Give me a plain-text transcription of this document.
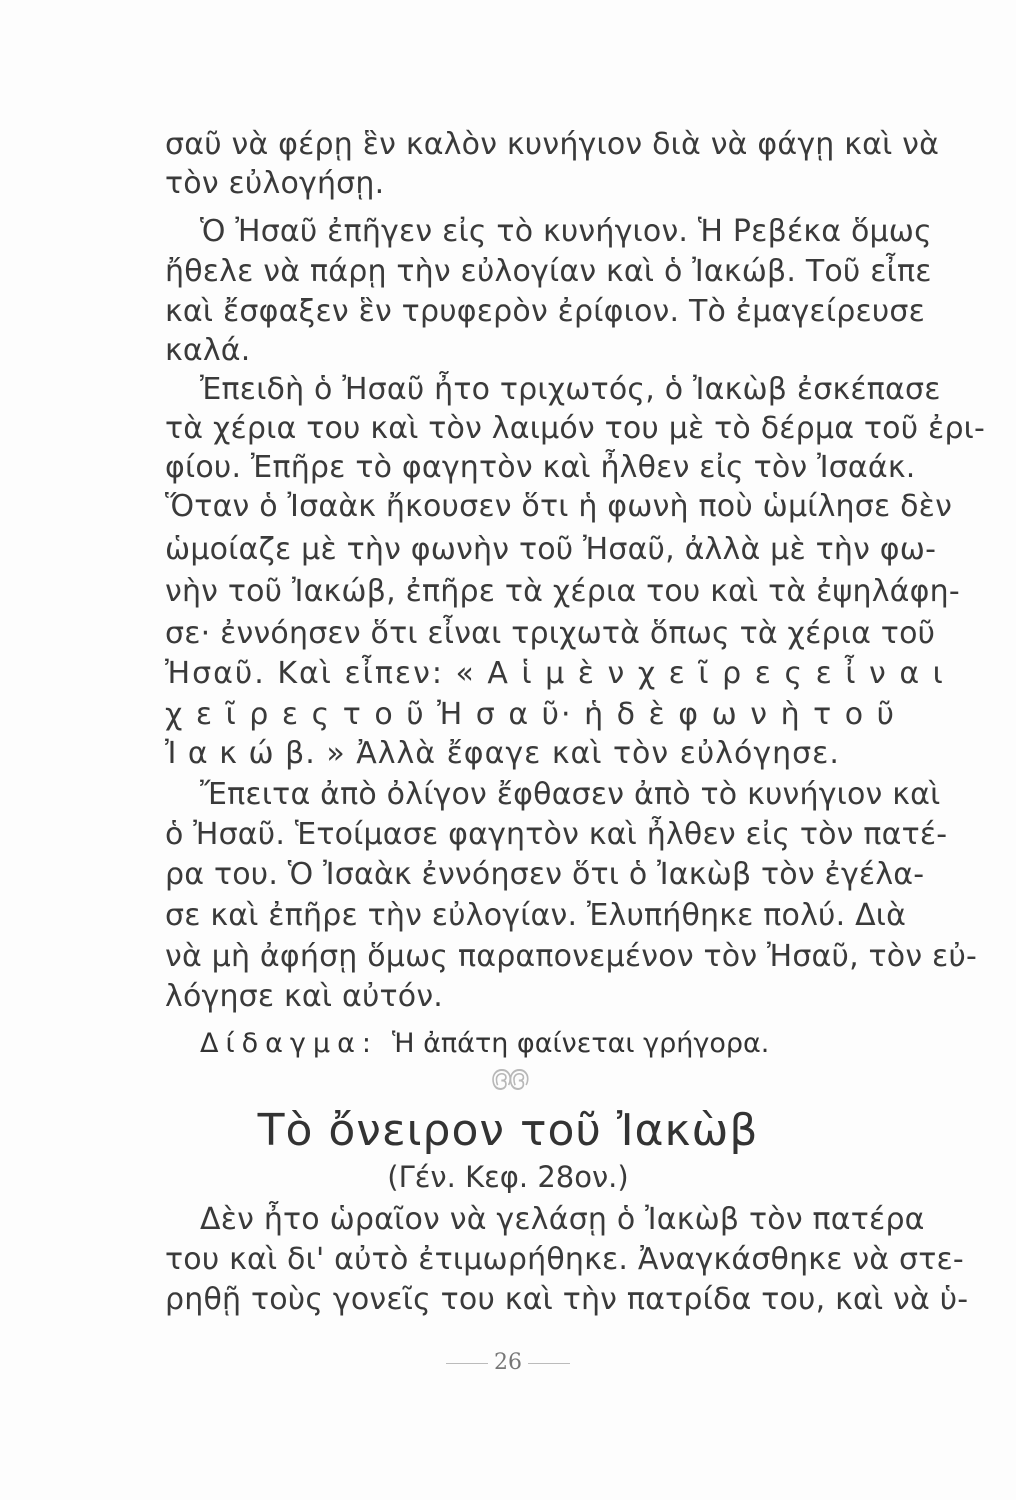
σαῦ νὰ φέρῃ ἓν καλὸν κυνήγιον διὰ νὰ φάγῃ καὶ νὰ
τὸν εὐλογήσῃ.
Ὁ Ἠσαῦ ἐπῆγεν εἰς τὸ κυνήγιον. Ἡ Ρεβέκα ὅμως
ἤθελε νὰ πάρῃ τὴν εὐλογίαν καὶ ὁ Ἰακώβ. Τοῦ εἶπε
καὶ ἔσφαξεν ἓν τρυφερὸν ἐρίφιον. Τὸ ἐμαγείρευσε
καλά.
Ἐπειδὴ ὁ Ἠσαῦ ἦτο τριχωτός, ὁ Ἰακὼβ ἐσκέπασε
τὰ χέρια του καὶ τὸν λαιμόν του μὲ τὸ δέρμα τοῦ ἐρι-
φίου. Ἐπῆρε τὸ φαγητὸν καὶ ἦλθεν εἰς τὸν Ἰσαάκ.
Ὅταν ὁ Ἰσαὰκ ἤκουσεν ὅτι ἡ φωνὴ ποὺ ὡμίλησε δὲν
ὡμοίαζε μὲ τὴν φωνὴν τοῦ Ἠσαῦ, ἀλλὰ μὲ τὴν φω-
νὴν τοῦ Ἰακώβ, ἐπῆρε τὰ χέρια του καὶ τὰ ἐψηλάφη-
σε· ἐννόησεν ὅτι εἶναι τριχωτὰ ὅπως τὰ χέρια τοῦ
Ἠσαῦ. Καὶ εἶπεν: « Α ἱ μ ὲ ν χ ε ῖ ρ ε ς ε ἶ ν α ι
χ ε ῖ ρ ε ς τ ο ῦ Ἠ σ α ῦ· ἡ δ ὲ φ ω ν ὴ τ ο ῦ
Ἰ α κ ώ β. » Ἀλλὰ ἔφαγε καὶ τὸν εὐλόγησε.
Ἔπειτα ἀπὸ ὀλίγον ἔφθασεν ἀπὸ τὸ κυνήγιον καὶ
ὁ Ἠσαῦ. Ἑτοίμασε φαγητὸν καὶ ἦλθεν εἰς τὸν πατέ-
ρα του. Ὁ Ἰσαὰκ ἐννόησεν ὅτι ὁ Ἰακὼβ τὸν ἐγέλα-
σε καὶ ἐπῆρε τὴν εὐλογίαν. Ἐλυπήθηκε πολύ. Διὰ
νὰ μὴ ἀφήσῃ ὅμως παραπονεμένον τὸν Ἠσαῦ, τὸν εὐ-
λόγησε καὶ αὐτόν.
Δίδαγμα: Ἡ ἀπάτη φαίνεται γρήγορα.
൫൫
Τὸ ὄνειρον τοῦ Ἰακὼβ
(Γέν. Κεφ. 28ον.)
Δὲν ἦτο ὡραῖον νὰ γελάσῃ ὁ Ἰακὼβ τὸν πατέρα
του καὶ δι' αὐτὸ ἐτιμωρήθηκε. Ἀναγκάσθηκε νὰ στε-
ρηθῇ τοὺς γονεῖς του καὶ τὴν πατρίδα του, καὶ νὰ ὑ-
26
